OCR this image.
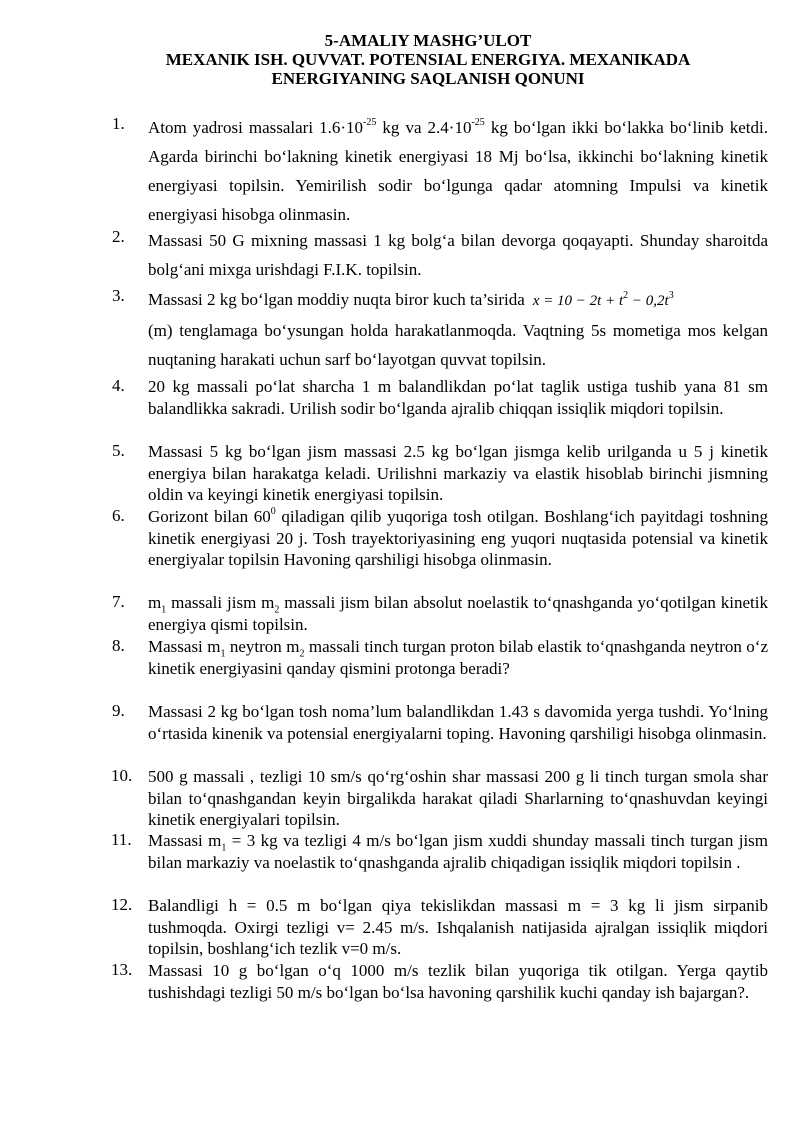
5-AMALIY MASHG’ULOT
MEXANIK ISH. QUVVAT. POTENSIAL ENERGIYA. MEXANIKADA
ENERGIYANING SAQLANISH QONUNI
1.	Atom yadrosi massalari $1.6\cdot 10^{-25}$ kg va $2.4\cdot 10^{-25}$ kg bo‘lgan ikki bo‘lakka bo‘linib ketdi. Agarda birinchi bo‘lakning kinetik energiyasi 18 Mj bo‘lsa, ikkinchi bo‘lakning kinetik energiyasi topilsin. Yemirilish sodir bo‘lgunga qadar atomning Impulsi va kinetik energiyasi hisobga olinmasin.
2.	Massasi 50 G mixning massasi 1 kg bolg‘a bilan devorga qoqayapti. Shunday sharoitda bolg‘ani mixga urishdagi F.I.K. topilsin.
3.	Massasi 2 kg bo‘lgan moddiy nuqta biror kuch ta’sirida $x = 10 - 2t + t^2 - 0,2t^3$
(m) tenglamaga bo‘ysungan holda harakatlanmoqda. Vaqtning 5s mometiga mos kelgan nuqtaning harakati uchun sarf bo‘layotgan quvvat topilsin.
4.	20 kg massali po‘lat sharcha 1 m balandlikdan po‘lat taglik ustiga tushib yana 81 sm balandlikka sakradi. Urilish sodir bo‘lganda ajralib chiqqan issiqlik miqdori topilsin.
5.	Massasi 5 kg bo‘lgan jism massasi 2.5 kg bo‘lgan jismga kelib urilganda u 5 j kinetik energiya bilan harakatga keladi. Urilishni markaziy va elastik hisoblab birinchi jismning oldin va keyingi kinetik energiyasi topilsin.
6.	Gorizont bilan $60^0$ qiladigan qilib yuqoriga tosh otilgan. Boshlang‘ich payitdagi toshning kinetik energiyasi 20 j. Tosh trayektoriyasining eng yuqori nuqtasida potensial va kinetik energiyalar topilsin Havoning qarshiligi hisobga olinmasin.
7.	$m_1$ massali jism $m_2$ massali jism bilan absolut noelastik to‘qnashganda yo‘qotilgan kinetik energiya qismi topilsin.
8.	Massasi $m_1$ neytron $m_2$ massali tinch turgan proton bilab elastik to‘qnashganda neytron o‘z kinetik energiyasini qanday qismini protonga beradi?
9.	Massasi 2 kg bo‘lgan tosh noma’lum balandlikdan 1.43 s davomida yerga tushdi. Yo‘lning o‘rtasida kinenik va potensial energiyalarni toping. Havoning qarshiligi hisobga olinmasin.
10. 500 g massali , tezligi 10 sm/s qo‘rg‘oshin shar massasi 200 g li tinch turgan smola shar bilan to‘qnashgandan keyin birgalikda harakat qiladi Sharlarning to‘qnashuvdan keyingi kinetik energiyalari topilsin.
11. Massasi $m_1 = 3$ kg va tezligi 4 m/s bo‘lgan jism xuddi shunday massali tinch turgan jism bilan markaziy va noelastik to‘qnashganda ajralib chiqadigan issiqlik miqdori topilsin .
12. Balandligi h = 0.5 m bo‘lgan qiya tekislikdan massasi m = 3 kg li jism sirpanib tushmoqda. Oxirgi tezligi v= 2.45 m/s. Ishqalanish natijasida ajralgan issiqlik miqdori topilsin, boshlang‘ich tezlik v=0 m/s.
13. Massasi 10 g bo‘lgan o‘q 1000 m/s tezlik bilan yuqoriga tik otilgan. Yerga qaytib tushishdagi tezligi 50 m/s bo‘lgan bo‘lsa havoning qarshilik kuchi qanday ish bajargan?.
